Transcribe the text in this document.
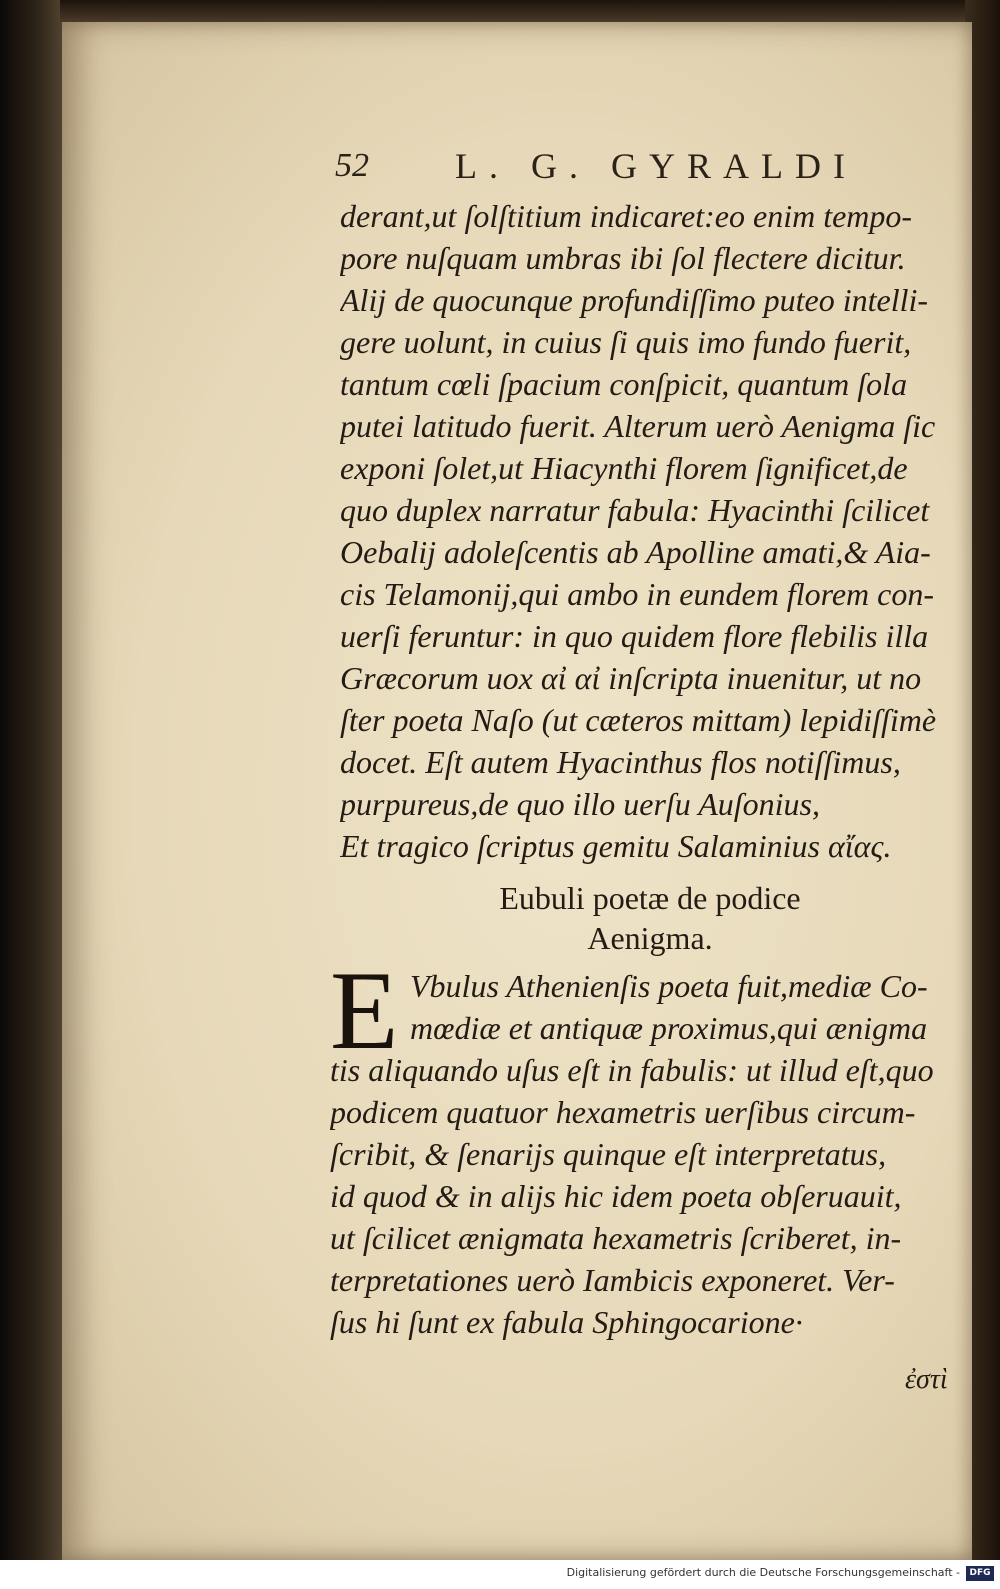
52 L. G. GYRALDI
derant,ut ſolſtitium indicaret:eo enim tempo-
pore nuſquam umbras ibi ſol flectere dicitur.
Alij de quocunque profundiſſimo puteo intelli-
gere uolunt, in cuius ſi quis imo fundo fuerit,
tantum cœli ſpacium conſpicit, quantum ſola
putei latitudo fuerit. Alterum uerò Aenigma ſic
exponi ſolet,ut Hiacynthi florem ſignificet,de
quo duplex narratur fabula: Hyacinthi ſcilicet
Oebalij adoleſcentis ab Apolline amati,& Aia-
cis Telamonij,qui ambo in eundem florem con-
uerſi feruntur: in quo quidem flore flebilis illa
Græcorum uox αἰ αἰ inſcripta inuenitur, ut no
ſter poeta Naſo (ut cæteros mittam) lepidiſſimè
docet. Eſt autem Hyacinthus flos notiſſimus,
purpureus,de quo illo uerſu Auſonius,
Et tragico ſcriptus gemitu Salaminius αἴας.
Eubuli poetæ de podice
Aenigma.
E Vbulus Athenienſis poeta fuit,mediæ Co-
mœdiæ et antiquæ proximus,qui ænigma
tis aliquando uſus eſt in fabulis: ut illud eſt,quo
podicem quatuor hexametris uerſibus circum-
ſcribit, & ſenarijs quinque eſt interpretatus,
id quod & in alijs hic idem poeta obſeruauit,
ut ſcilicet ænigmata hexametris ſcriberet, in-
terpretationes uerò Iambicis exponeret. Ver-
ſus hi ſunt ex fabula Sphingocarione·
ἐστὶ
Digitalisierung gefördert durch die Deutsche Forschungsgemeinschaft -	DFG
